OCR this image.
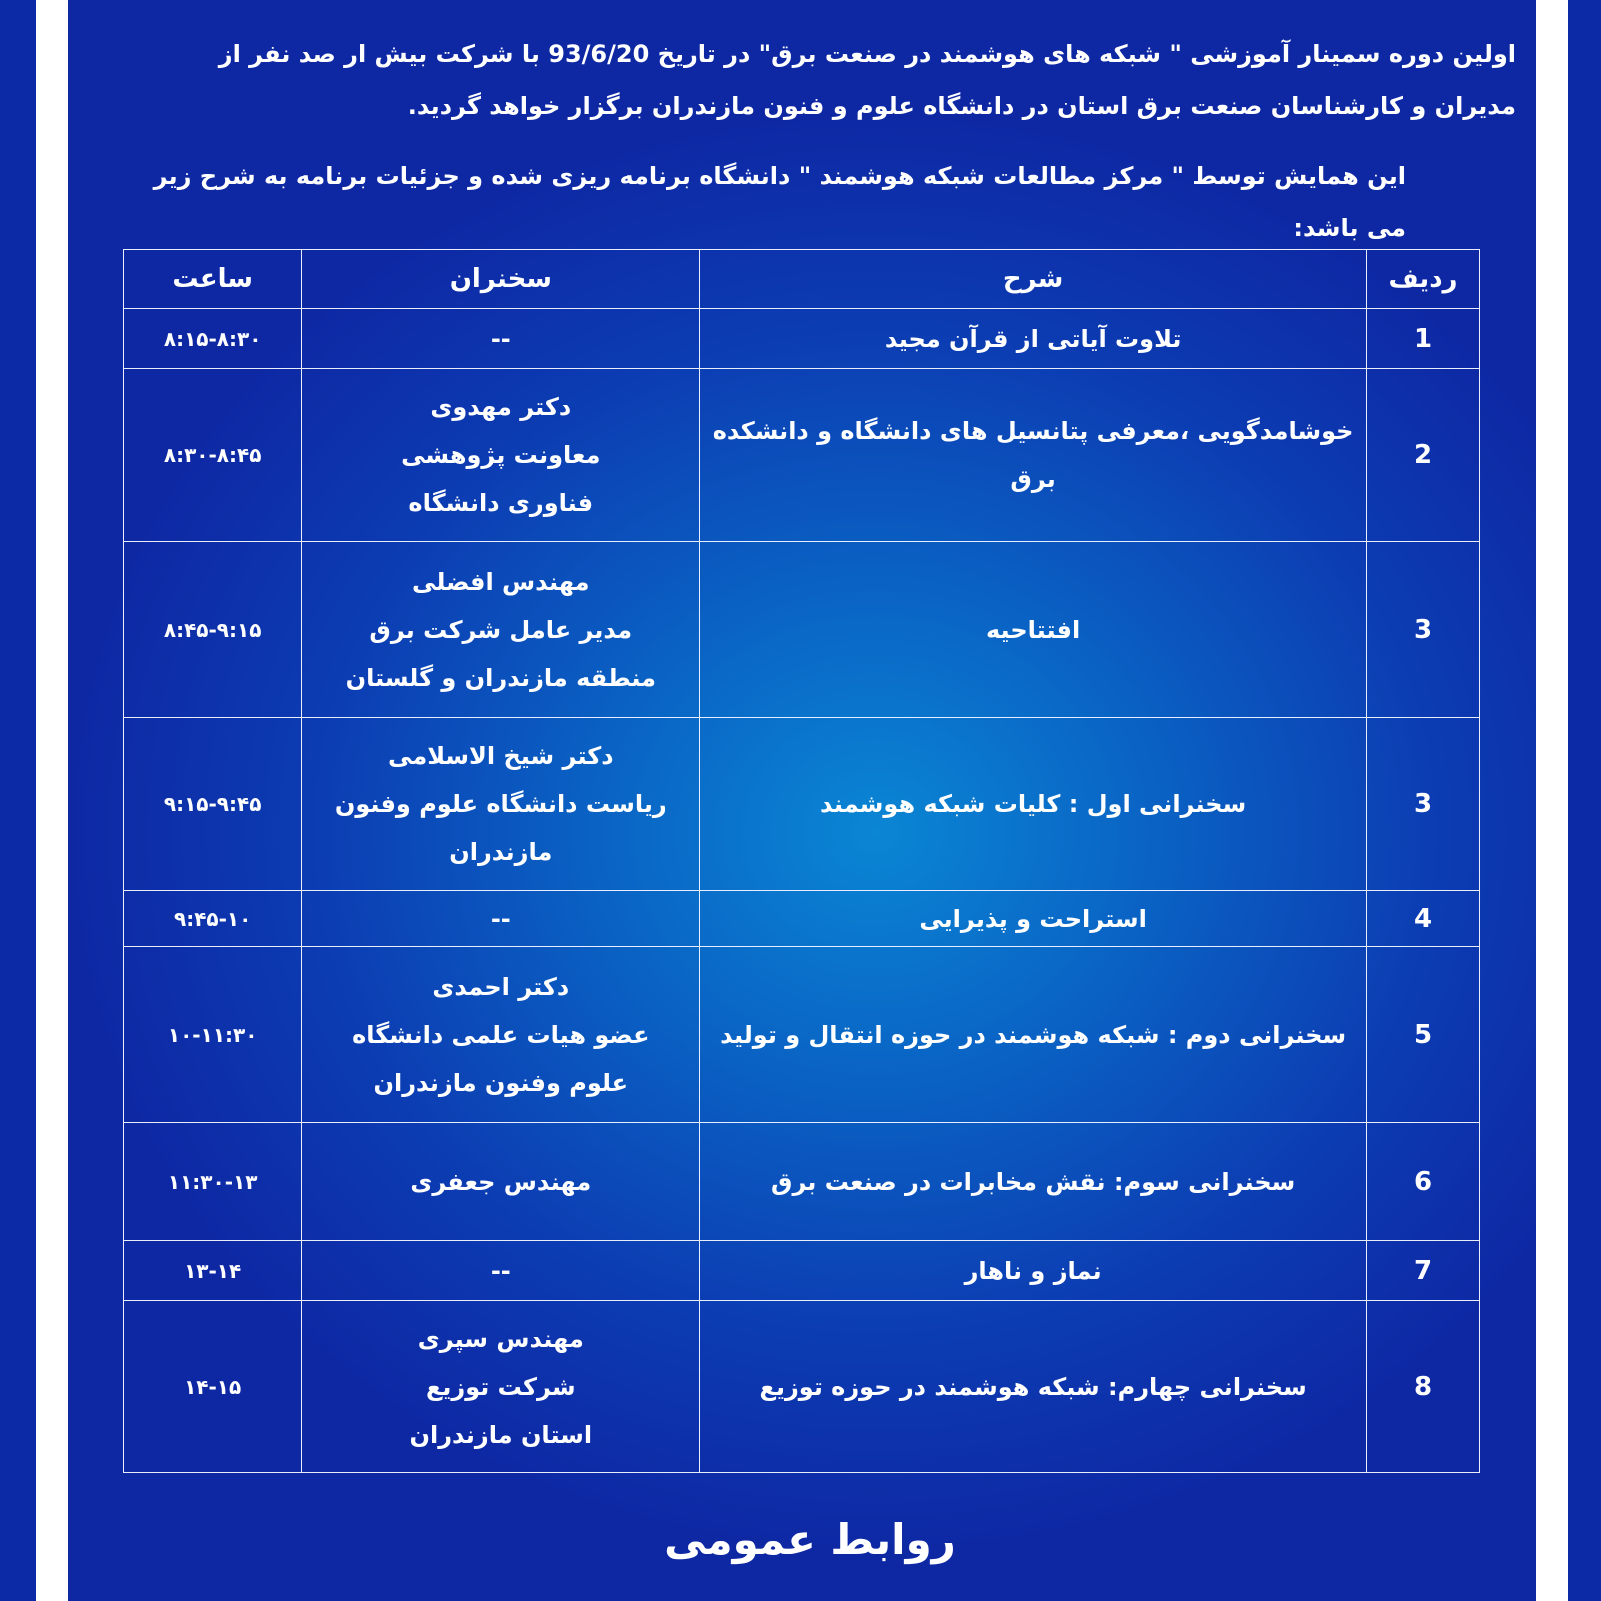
اولین دوره سمینار آموزشی " شبکه های هوشمند در صنعت برق" در تاریخ 93/6/20 با شرکت بیش ار صد نفر از مدیران و کارشناسان صنعت برق استان در دانشگاه علوم و فنون مازندران برگزار خواهد گردید.
این همایش توسط " مرکز مطالعات شبکه هوشمند " دانشگاه برنامه ریزی شده و جزئیات برنامه به شرح زیر می باشد:
ردیف	شرح	سخنران	ساعت
1	تلاوت آیاتی از قرآن مجید	--	۸:۱۵-۸:۳۰
2	خوشامدگویی ،معرفی پتانسیل های دانشگاه و دانشکده برق	دکتر مهدوی
معاونت پژوهشی
فناوری دانشگاه	۸:۳۰-۸:۴۵
3	افتتاحیه	مهندس افضلی
مدیر عامل شرکت برق
منطقه مازندران و گلستان	۸:۴۵-۹:۱۵
3	سخنرانی اول : کلیات شبکه هوشمند	دکتر شیخ الاسلامی
ریاست دانشگاه علوم وفنون
مازندران	۹:۱۵-۹:۴۵
4	استراحت و پذیرایی	--	۹:۴۵-۱۰
5	سخنرانی دوم : شبکه هوشمند در حوزه انتقال و تولید	دکتر احمدی
عضو هیات علمی دانشگاه
علوم وفنون مازندران	۱۰-۱۱:۳۰
6	سخنرانی سوم: نقش مخابرات در صنعت برق	مهندس جعفری	۱۱:۳۰-۱۳
7	نماز و ناهار	--	۱۳-۱۴
8	سخنرانی چهارم: شبکه هوشمند در حوزه توزیع	مهندس سپری
شرکت توزیع
استان مازندران	۱۴-۱۵
روابط عمومی
